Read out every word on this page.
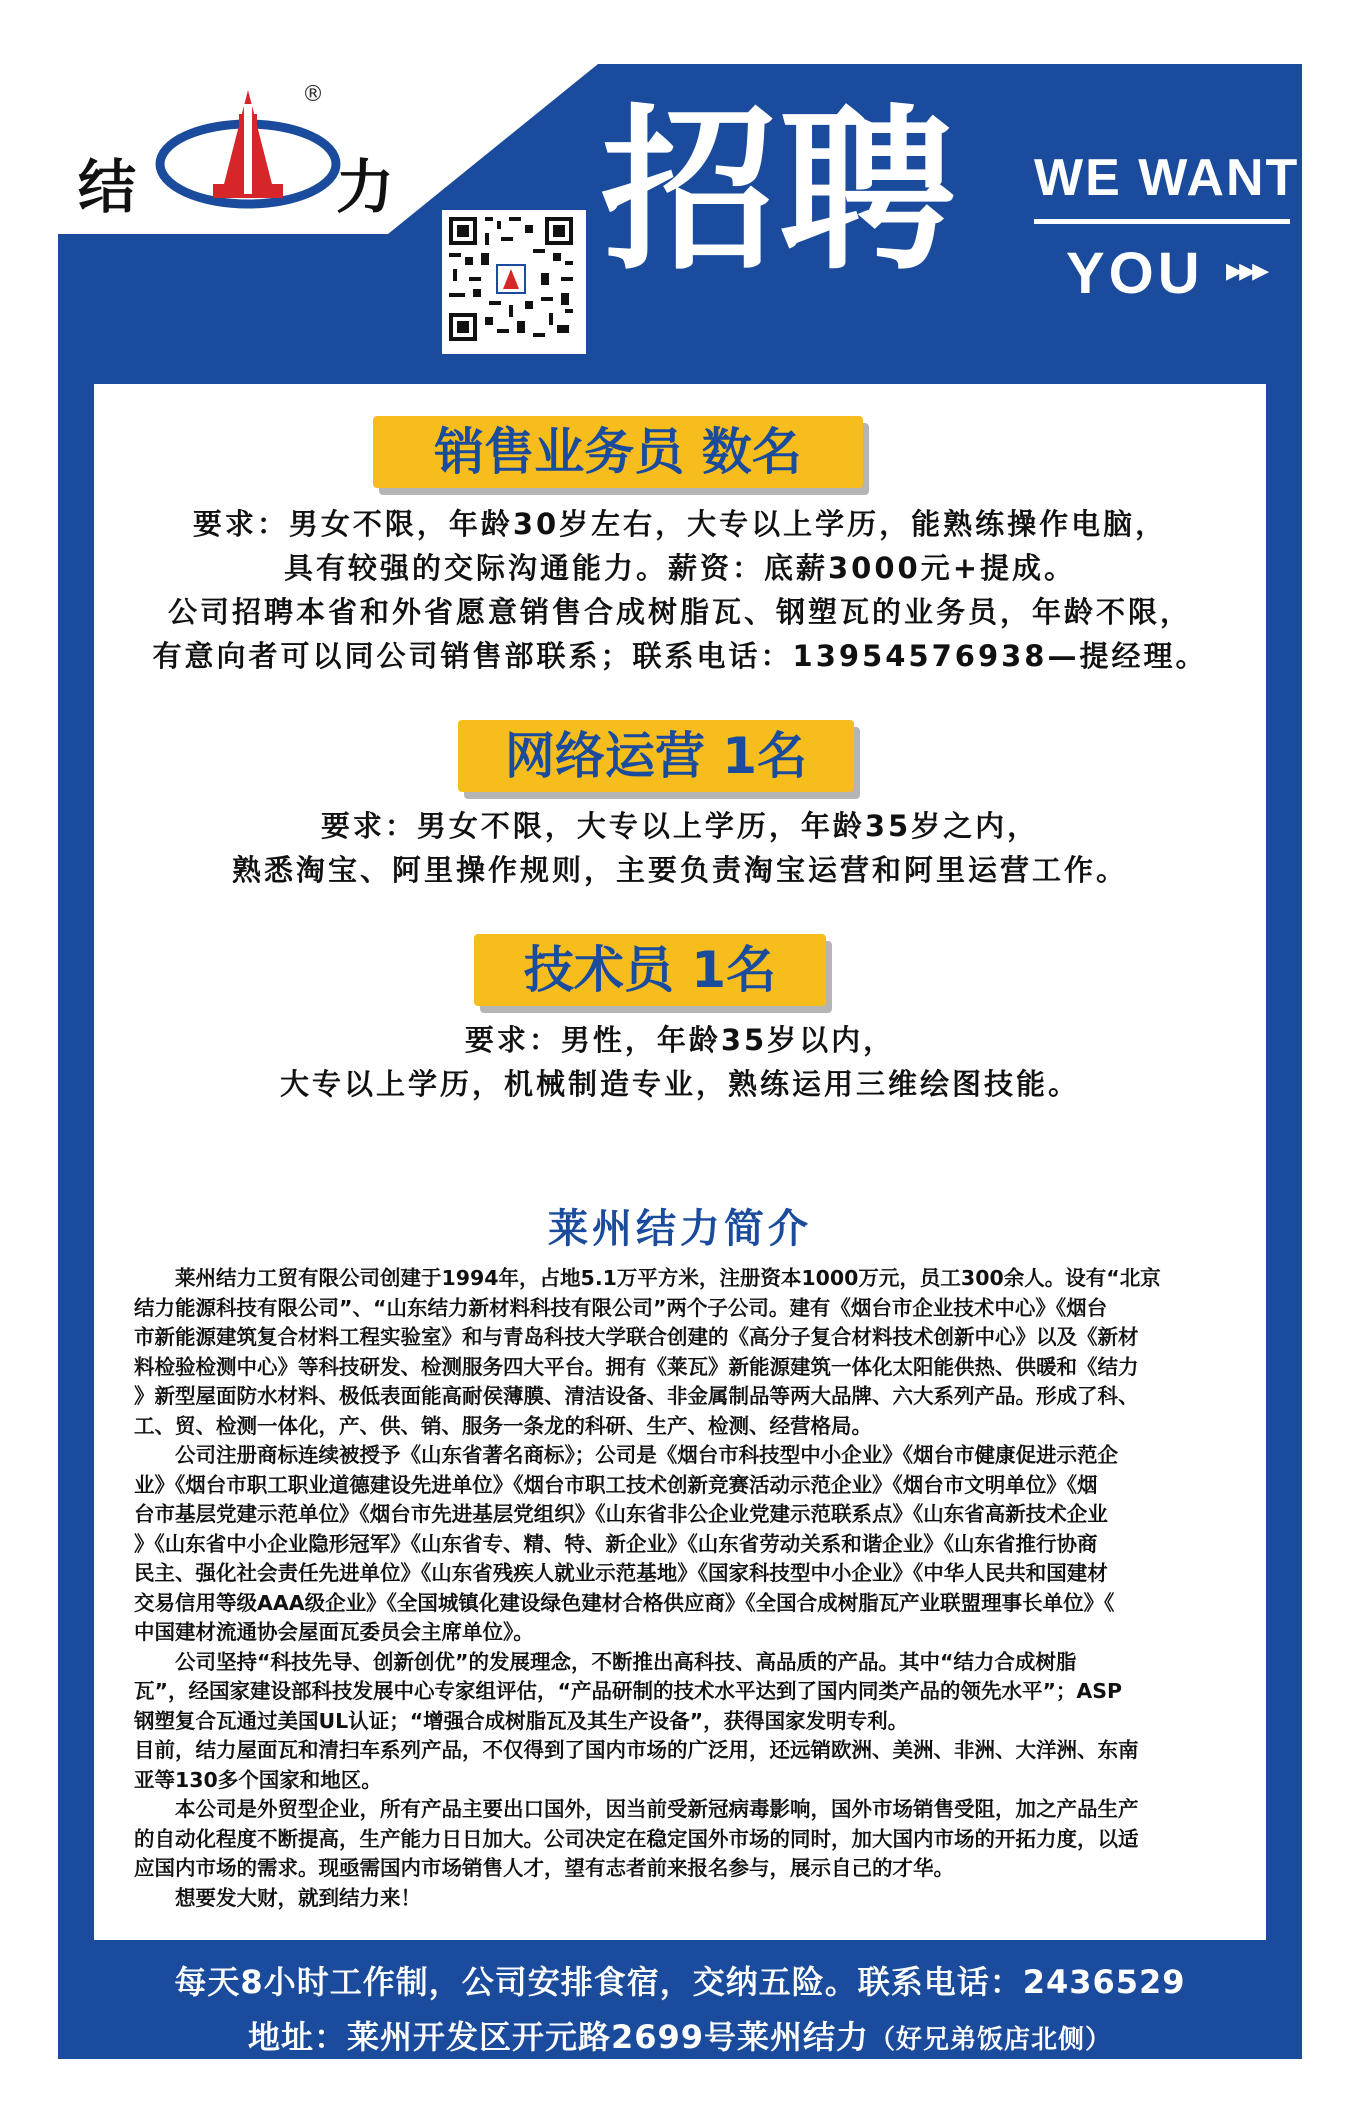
结	力
® 招聘 WE WANT
YOU ▸▸▸
销售业务员 数名
要求：男女不限，年龄30岁左右，大专以上学历，能熟练操作电脑，
具有较强的交际沟通能力。薪资：底薪3000元+提成。
公司招聘本省和外省愿意销售合成树脂瓦、钢塑瓦的业务员，年龄不限，
有意向者可以同公司销售部联系；联系电话：13954576938—提经理。
网络运营 1名
要求：男女不限，大专以上学历，年龄35岁之内，
熟悉淘宝、阿里操作规则，主要负责淘宝运营和阿里运营工作。
技术员 1名
要求：男性，年龄35岁以内，
大专以上学历，机械制造专业，熟练运用三维绘图技能。
莱州结力简介
　　莱州结力工贸有限公司创建于1994年，占地5.1万平方米，注册资本1000万元，员工300余人。设有“北京
结力能源科技有限公司”、“山东结力新材料科技有限公司”两个子公司。建有《烟台市企业技术中心》《烟台
市新能源建筑复合材料工程实验室》和与青岛科技大学联合创建的《高分子复合材料技术创新中心》以及《新材
料检验检测中心》等科技研发、检测服务四大平台。拥有《莱瓦》新能源建筑一体化太阳能供热、供暖和《结力
》新型屋面防水材料、极低表面能高耐侯薄膜、清洁设备、非金属制品等两大品牌、六大系列产品。形成了科、
工、贸、检测一体化，产、供、销、服务一条龙的科研、生产、检测、经营格局。
　　公司注册商标连续被授予《山东省著名商标》；公司是《烟台市科技型中小企业》《烟台市健康促进示范企
业》《烟台市职工职业道德建设先进单位》《烟台市职工技术创新竞赛活动示范企业》《烟台市文明单位》《烟
台市基层党建示范单位》《烟台市先进基层党组织》《山东省非公企业党建示范联系点》《山东省高新技术企业
》《山东省中小企业隐形冠军》《山东省专、精、特、新企业》《山东省劳动关系和谐企业》《山东省推行协商
民主、强化社会责任先进单位》《山东省残疾人就业示范基地》《国家科技型中小企业》《中华人民共和国建材
交易信用等级AAA级企业》《全国城镇化建设绿色建材合格供应商》《全国合成树脂瓦产业联盟理事长单位》《
中国建材流通协会屋面瓦委员会主席单位》。
　　公司坚持“科技先导、创新创优”的发展理念，不断推出高科技、高品质的产品。其中“结力合成树脂
瓦”，经国家建设部科技发展中心专家组评估，“产品研制的技术水平达到了国内同类产品的领先水平”；ASP
钢塑复合瓦通过美国UL认证；“增强合成树脂瓦及其生产设备”，获得国家发明专利。
目前，结力屋面瓦和清扫车系列产品，不仅得到了国内市场的广泛用，还远销欧洲、美洲、非洲、大洋洲、东南
亚等130多个国家和地区。
　　本公司是外贸型企业，所有产品主要出口国外，因当前受新冠病毒影响，国外市场销售受阻，加之产品生产
的自动化程度不断提高，生产能力日日加大。公司决定在稳定国外市场的同时，加大国内市场的开拓力度，以适
应国内市场的需求。现亟需国内市场销售人才，望有志者前来报名参与，展示自己的才华。
　　想要发大财，就到结力来！
每天8小时工作制，公司安排食宿，交纳五险。联系电话：2436529
地址：莱州开发区开元路2699号莱州结力（好兄弟饭店北侧）
